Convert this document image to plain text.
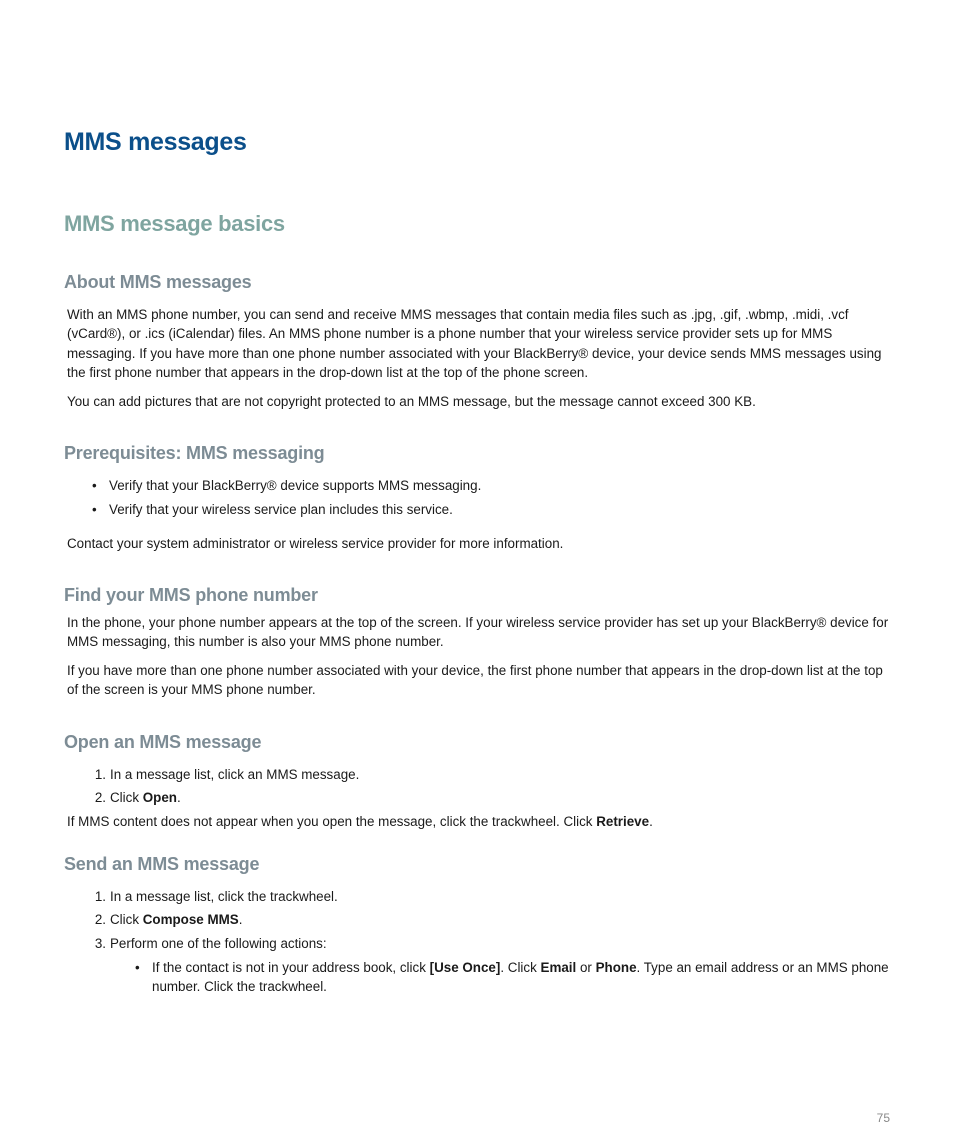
MMS messages
MMS message basics
About MMS messages

With an MMS phone number, you can send and receive MMS messages that contain media files such as .jpg, .gif, .wbmp, .midi, .vcf (vCard®), or .ics (iCalendar) files. An MMS phone number is a phone number that your wireless service provider sets up for MMS messaging. If you have more than one phone number associated with your BlackBerry® device, your device sends MMS messages using the first phone number that appears in the drop-down list at the top of the phone screen.

You can add pictures that are not copyright protected to an MMS message, but the message cannot exceed 300 KB.

Prerequisites: MMS messaging
• Verify that your BlackBerry® device supports MMS messaging.
• Verify that your wireless service plan includes this service.

Contact your system administrator or wireless service provider for more information.

Find your MMS phone number

In the phone, your phone number appears at the top of the screen. If your wireless service provider has set up your BlackBerry® device for MMS messaging, this number is also your MMS phone number.

If you have more than one phone number associated with your device, the first phone number that appears in the drop-down list at the top of the screen is your MMS phone number.

Open an MMS message
1. In a message list, click an MMS message.
2. Click Open.

If MMS content does not appear when you open the message, click the trackwheel. Click Retrieve.

Send an MMS message
1. In a message list, click the trackwheel.
2. Click Compose MMS.
3. Perform one of the following actions:
• If the contact is not in your address book, click [Use Once]. Click Email or Phone. Type an email address or an MMS phone number. Click the trackwheel.
75
